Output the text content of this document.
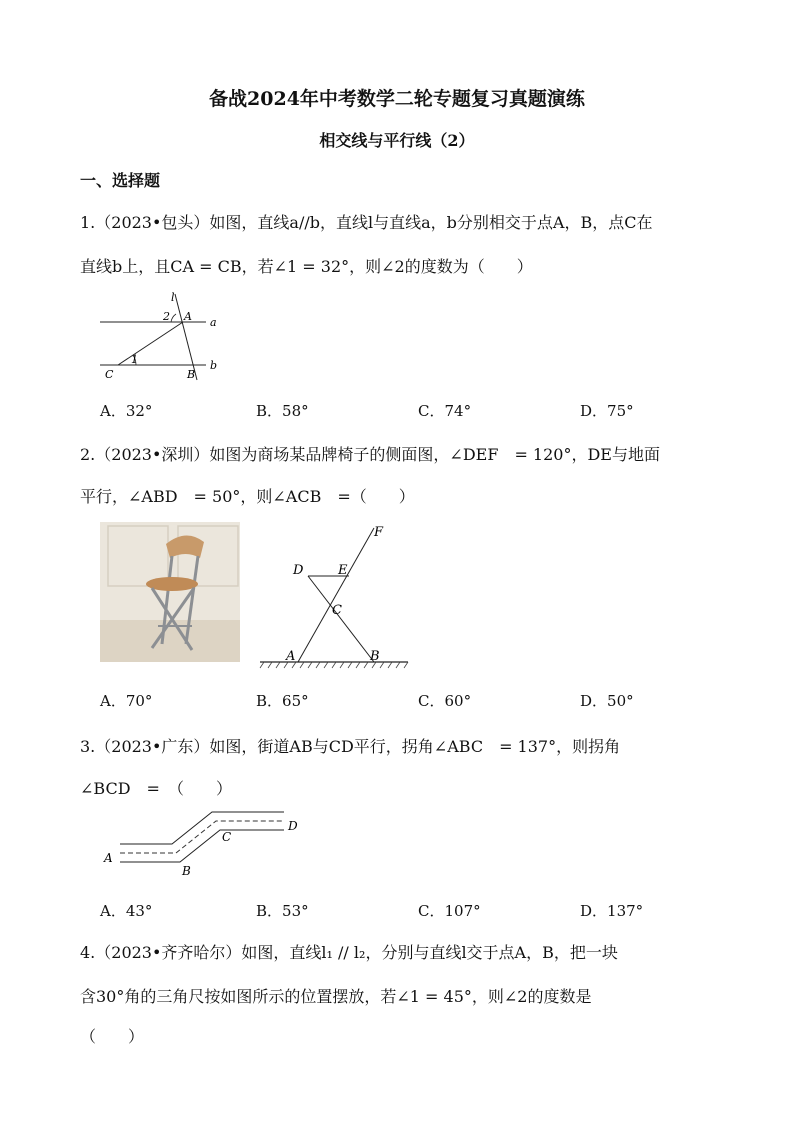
备战2024年中考数学二轮专题复习真题演练
相交线与平行线（2）
一、选择题
1.（2023•包头）如图，直线a//b，直线l与直线a，b分别相交于点A，B，点C在
直线b上，且CA = CB，若∠1 = 32°，则∠2的度数为（　　）
l
2 A a
1
C	B
b
A．32°	B．58°	C．74°	D．75°
2.（2023•深圳）如图为商场某品牌椅子的侧面图，∠DEF　= 120°，DE与地面
平行，∠ABD　= 50°，则∠ACB　=（　　）
F
D	E
C
A	B
A．70°	B．65°	C．60°	D．50°
3.（2023•广东）如图，街道AB与CD平行，拐角∠ABC　= 137°，则拐角
∠BCD　=　（　　）
A
B
C
D
A．43°	B．53°	C．107°	D．137°
4.（2023•齐齐哈尔）如图，直线l₁ // l₂，分别与直线l交于点A，B，把一块
含30°角的三角尺按如图所示的位置摆放，若∠1 = 45°，则∠2的度数是
（　　）
